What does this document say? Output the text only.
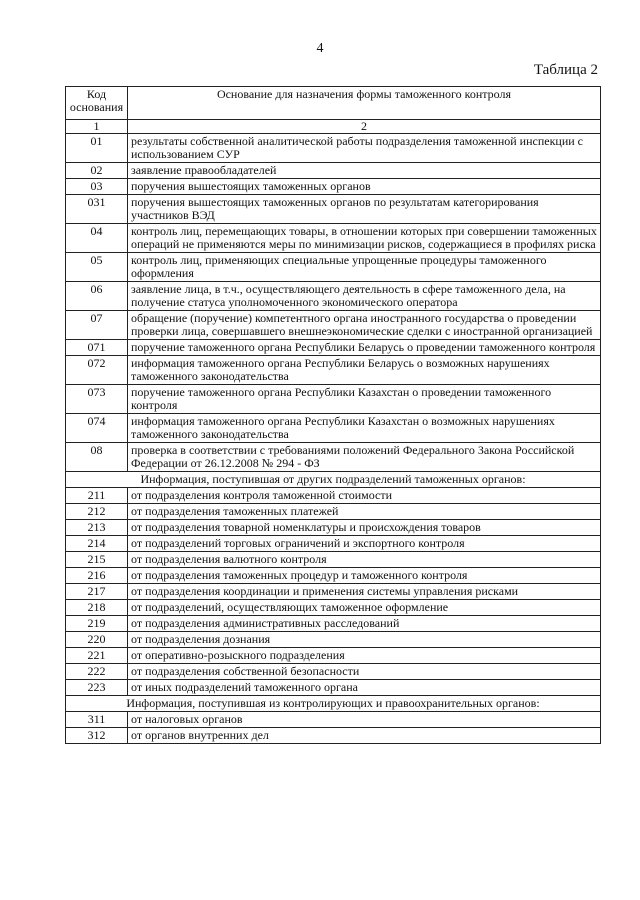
4
Таблица 2
Код основания	Основание для назначения формы таможенного контроля
1	2
01	результаты собственной аналитической работы подразделения таможенной инспекции с использованием СУР
02	заявление правообладателей
03	поручения вышестоящих таможенных органов
031	поручения вышестоящих таможенных органов по результатам категорирования участников ВЭД
04	контроль лиц, перемещающих товары, в отношении которых при совершении таможенных операций не применяются меры по минимизации рисков, содержащиеся в профилях риска
05	контроль лиц, применяющих специальные упрощенные процедуры таможенного оформления
06	заявление лица, в т.ч., осуществляющего деятельность в сфере таможенного дела, на получение статуса уполномоченного экономического оператора
07	обращение (поручение) компетентного органа иностранного государства о проведении проверки лица, совершавшего внешнеэкономические сделки с иностранной организацией
071	поручение таможенного органа Республики Беларусь о проведении таможенного контроля
072	информация таможенного органа Республики Беларусь о возможных нарушениях таможенного законодательства
073	поручение таможенного органа Республики Казахстан о проведении таможенного контроля
074	информация таможенного органа Республики Казахстан о возможных нарушениях таможенного законодательства
08	проверка в соответствии с требованиями положений Федерального Закона Российской Федерации от 26.12.2008 № 294 - ФЗ
Информация, поступившая от других подразделений таможенных органов:	
211	от подразделения контроля таможенной стоимости
212	от подразделения таможенных платежей
213	от подразделения товарной номенклатуры и происхождения товаров
214	от подразделений торговых ограничений и экспортного контроля
215	от подразделения валютного контроля
216	от подразделения таможенных процедур и таможенного контроля
217	от подразделения координации и применения системы управления рисками
218	от подразделений, осуществляющих таможенное оформление
219	от подразделения административных расследований
220	от подразделения дознания
221	от оперативно-розыскного подразделения
222	от подразделения собственной безопасности
223	от иных подразделений таможенного органа
Информация, поступившая из контролирующих и правоохранительных органов:	
311	от налоговых органов
312	от органов внутренних дел
